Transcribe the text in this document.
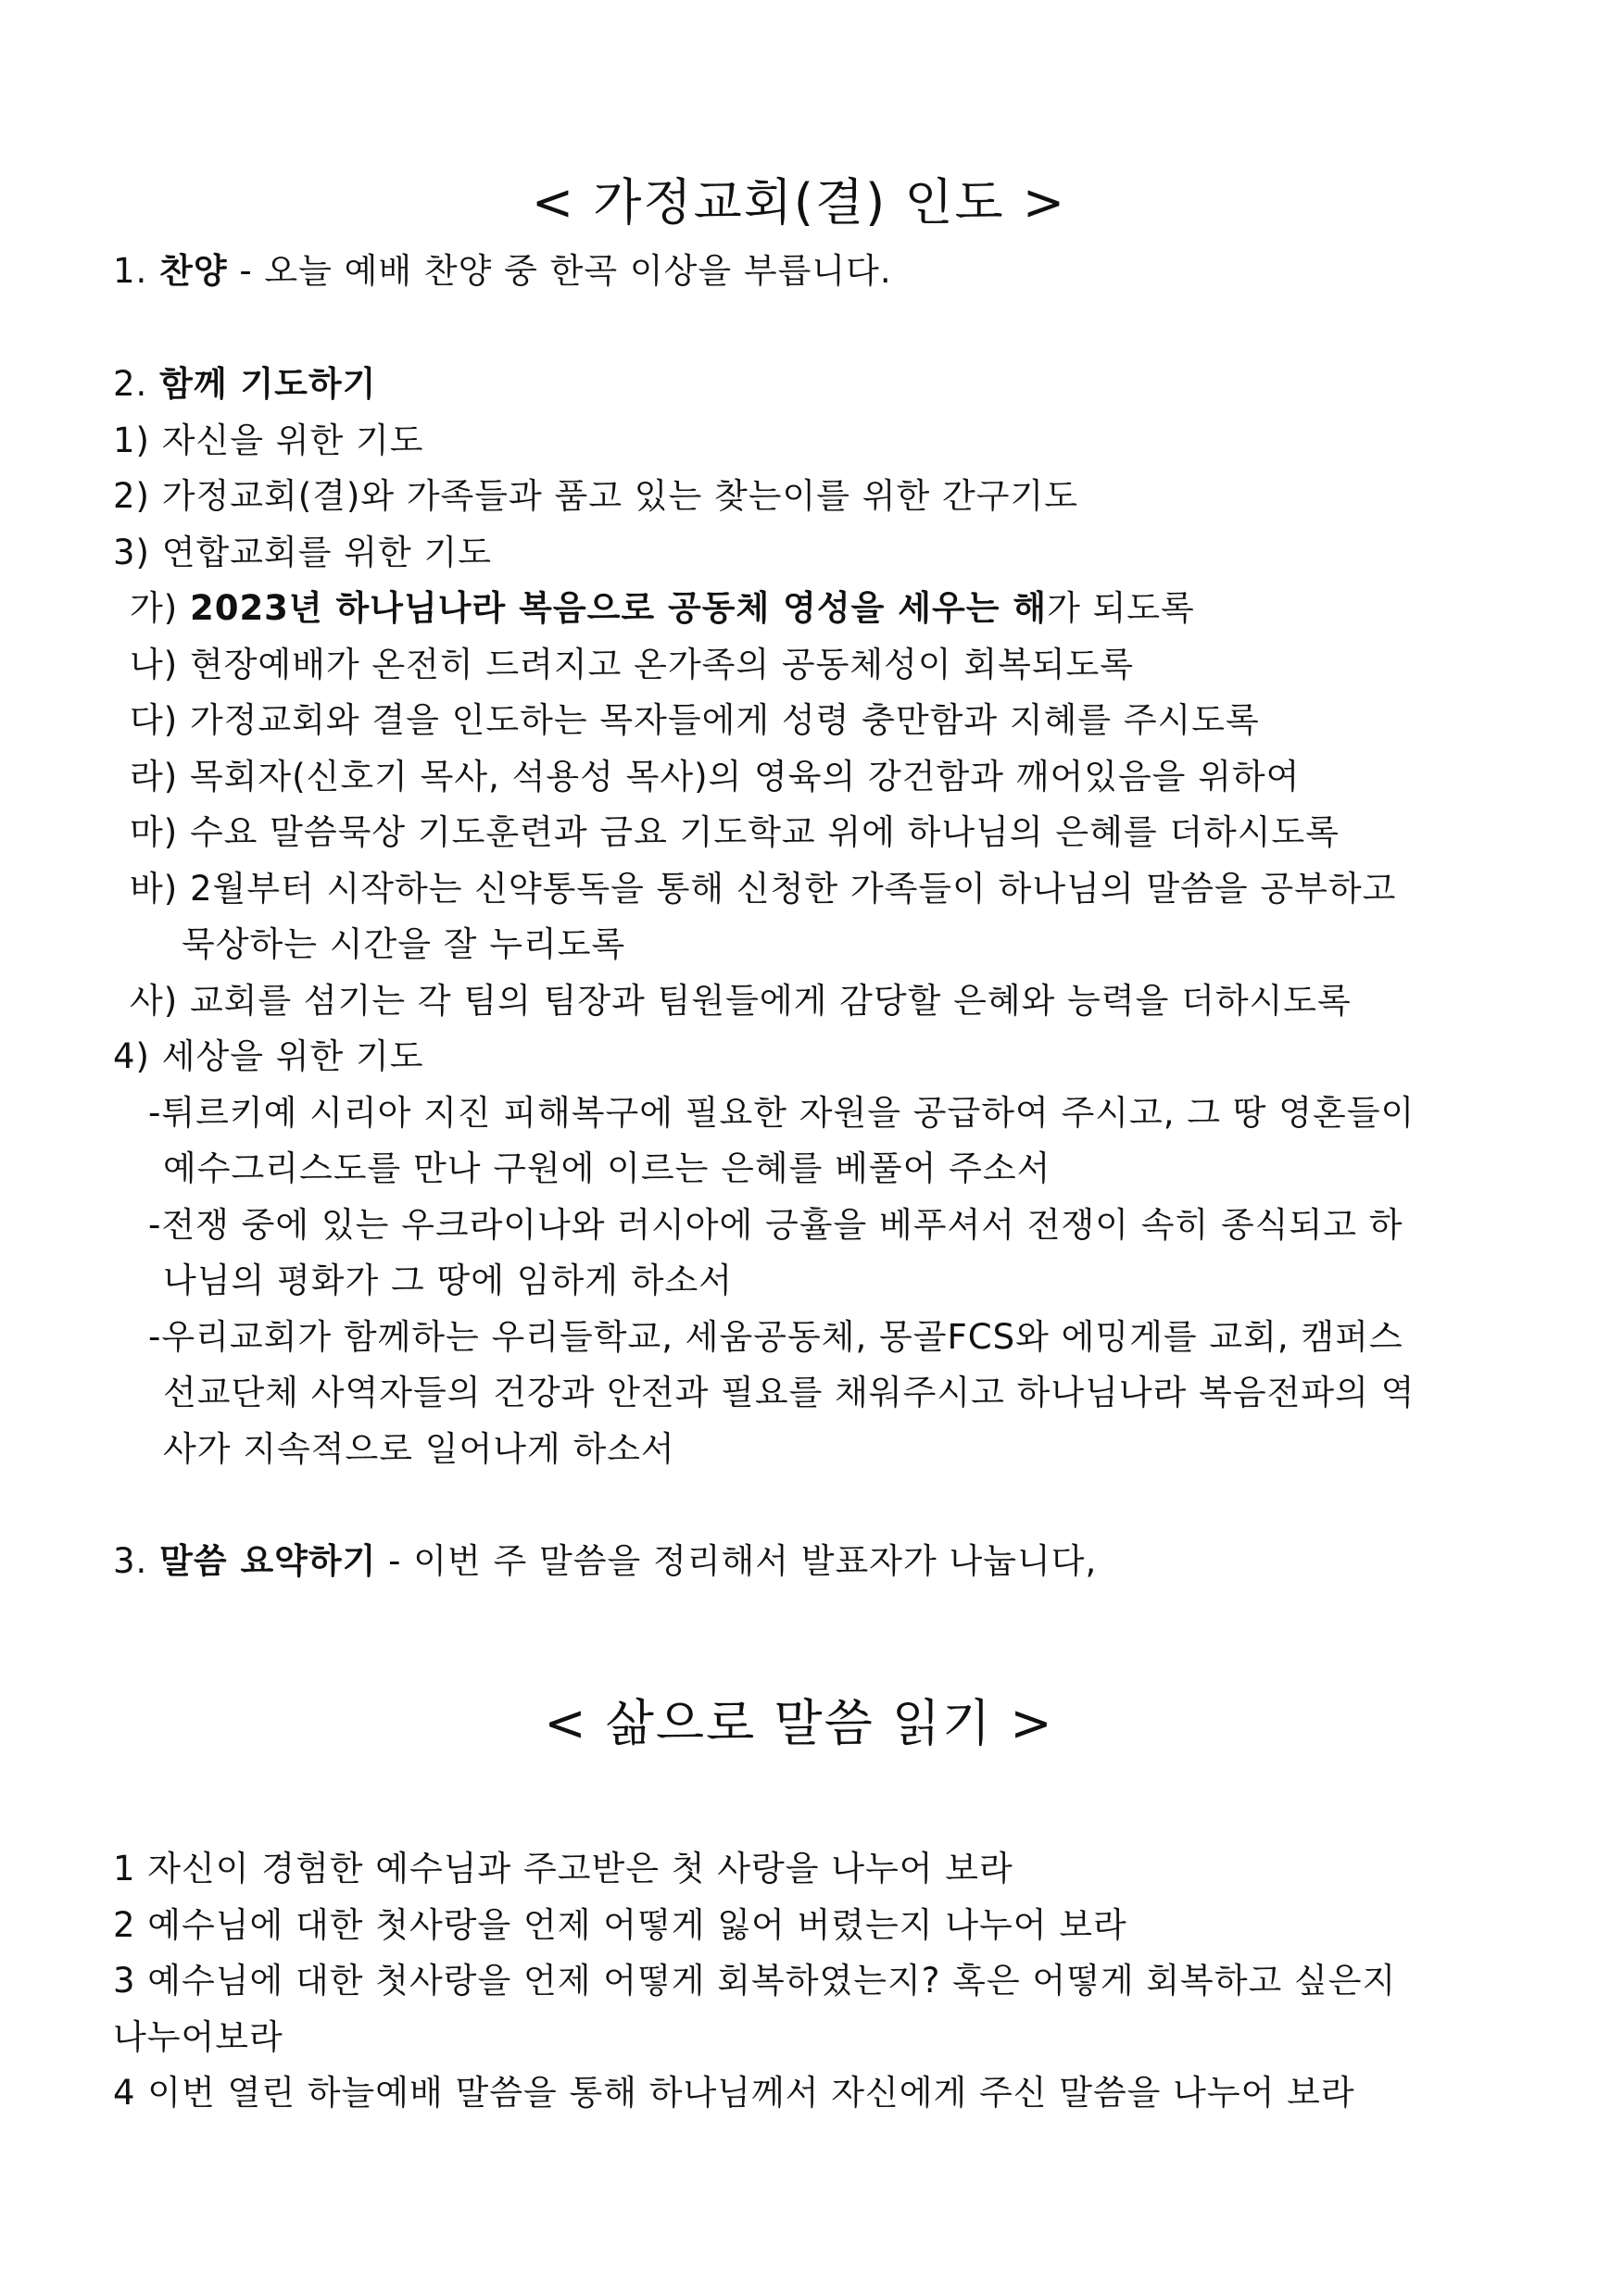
< 가정교회(결) 인도 >
1. 찬양 - 오늘 예배 찬양 중 한곡 이상을 부릅니다.
2. 함께 기도하기
1) 자신을 위한 기도
2) 가정교회(결)와 가족들과 품고 있는 찾는이를 위한 간구기도
3) 연합교회를 위한 기도
가) 2023년 하나님나라 복음으로 공동체 영성을 세우는 해가 되도록
나) 현장예배가 온전히 드려지고 온가족의 공동체성이 회복되도록
다) 가정교회와 결을 인도하는 목자들에게 성령 충만함과 지혜를 주시도록
라) 목회자(신호기 목사, 석용성 목사)의 영육의 강건함과 깨어있음을 위하여
마) 수요 말씀묵상 기도훈련과 금요 기도학교 위에 하나님의 은혜를 더하시도록
바) 2월부터 시작하는 신약통독을 통해 신청한 가족들이 하나님의 말씀을 공부하고
묵상하는 시간을 잘 누리도록
사) 교회를 섬기는 각 팀의 팀장과 팀원들에게 감당할 은혜와 능력을 더하시도록
4) 세상을 위한 기도
-튀르키예 시리아 지진 피해복구에 필요한 자원을 공급하여 주시고, 그 땅 영혼들이
예수그리스도를 만나 구원에 이르는 은혜를 베풀어 주소서
-전쟁 중에 있는 우크라이나와 러시아에 긍휼을 베푸셔서 전쟁이 속히 종식되고 하
나님의 평화가 그 땅에 임하게 하소서
-우리교회가 함께하는 우리들학교, 세움공동체, 몽골FCS와 에밍게를 교회, 캠퍼스
선교단체 사역자들의 건강과 안전과 필요를 채워주시고 하나님나라 복음전파의 역
사가 지속적으로 일어나게 하소서
3. 말씀 요약하기 - 이번 주 말씀을 정리해서 발표자가 나눕니다,
< 삶으로 말씀 읽기 >
1 자신이 경험한 예수님과 주고받은 첫 사랑을 나누어 보라
2 예수님에 대한 첫사랑을 언제 어떻게 잃어 버렸는지 나누어 보라
3 예수님에 대한 첫사랑을 언제 어떻게 회복하였는지? 혹은 어떻게 회복하고 싶은지
나누어보라
4 이번 열린 하늘예배 말씀을 통해 하나님께서 자신에게 주신 말씀을 나누어 보라
